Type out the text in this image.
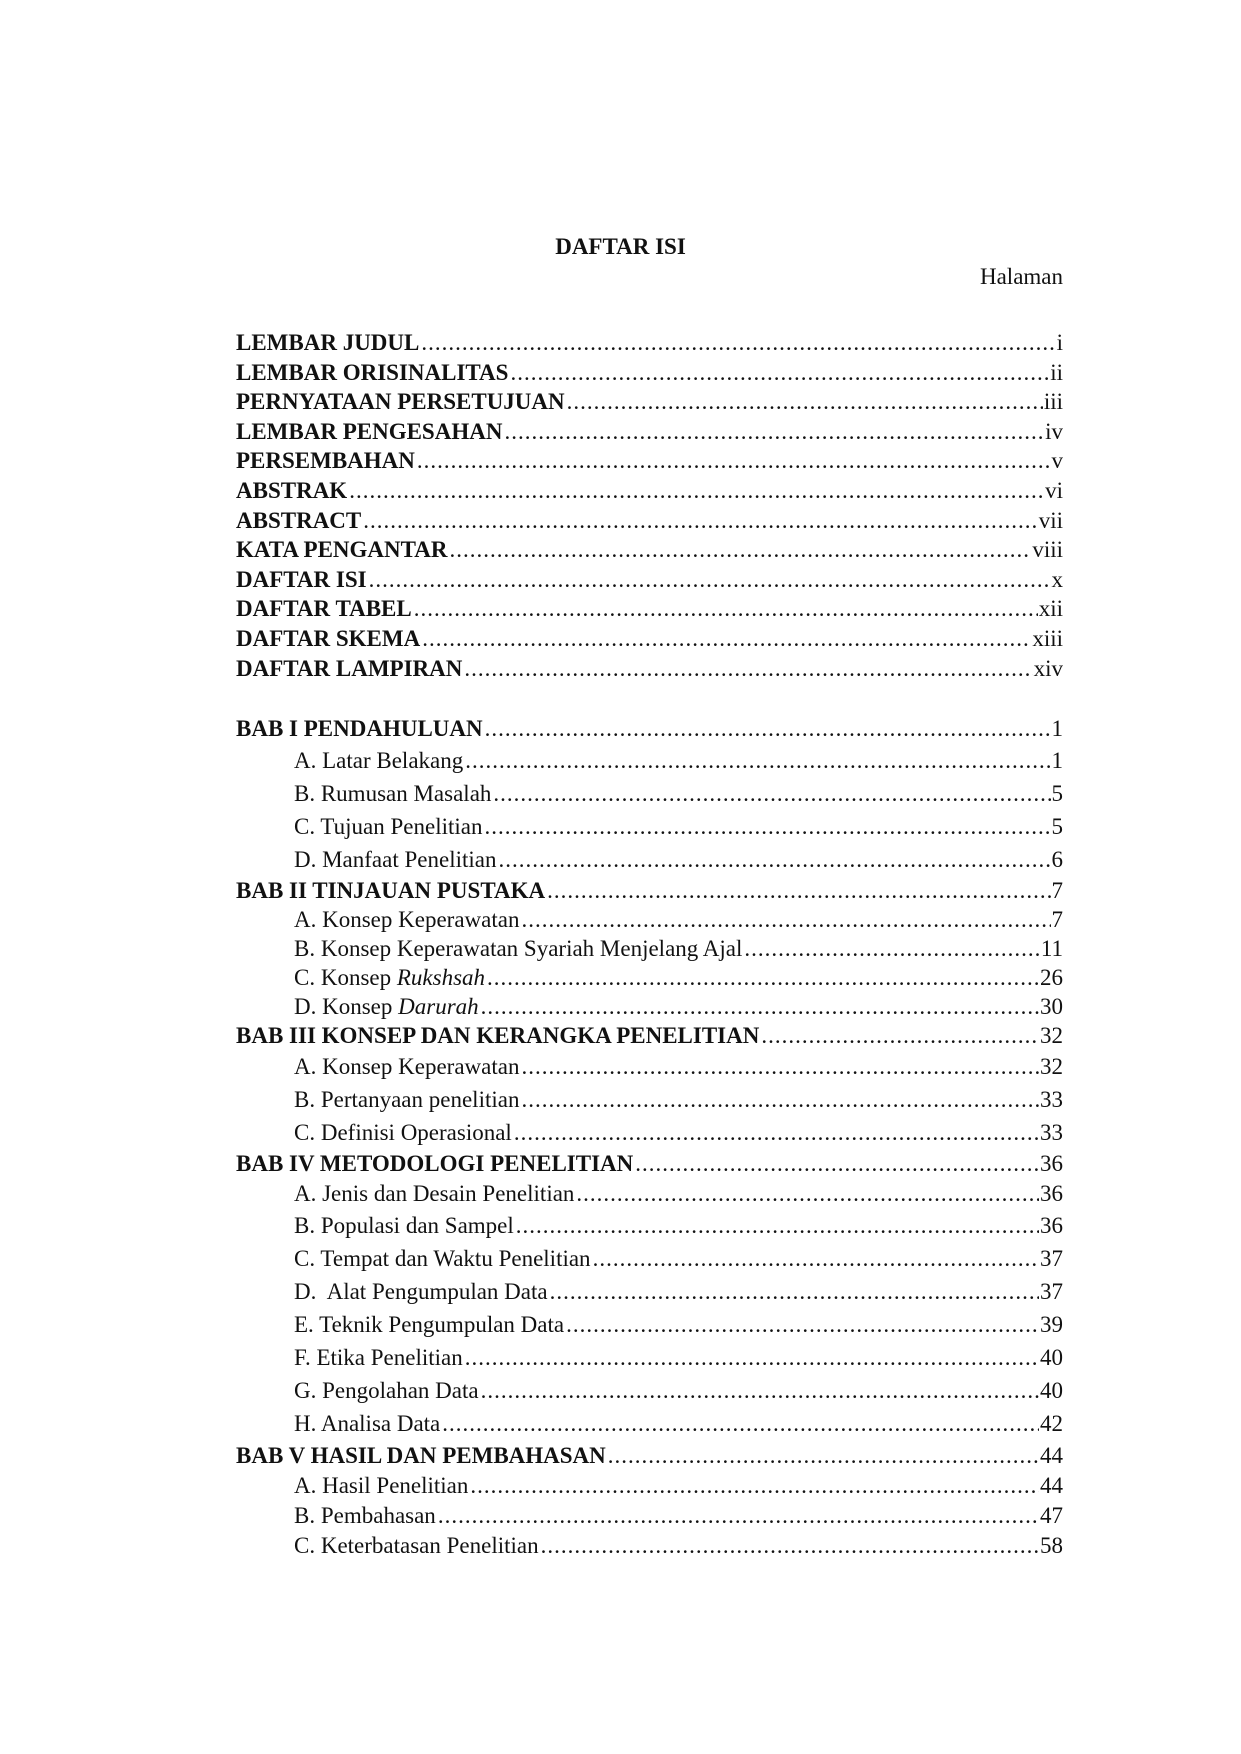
DAFTAR ISI
Halaman
LEMBAR JUDUL .....	i
LEMBAR ORISINALITAS .....	ii
PERNYATAAN PERSETUJUAN .....	iii
LEMBAR PENGESAHAN .....	iv
PERSEMBAHAN .....	v
ABSTRAK .....	vi
ABSTRACT .....	vii
KATA PENGANTAR .....	viii
DAFTAR ISI .....	x
DAFTAR TABEL .....	xii
DAFTAR SKEMA .....	xiii
DAFTAR LAMPIRAN .....	xiv
BAB I PENDAHULUAN .....	1
A. Latar Belakang .....	1
B. Rumusan Masalah .....	5
C. Tujuan Penelitian .....	5
D. Manfaat Penelitian .....	6
BAB II TINJAUAN PUSTAKA .....	7
A. Konsep Keperawatan .....	7
B. Konsep Keperawatan Syariah Menjelang Ajal .....	11
C. Konsep Rukshsah .....	26
D. Konsep Darurah .....	30
BAB III KONSEP DAN KERANGKA PENELITIAN .....	32
A. Konsep Keperawatan .....	32
B. Pertanyaan penelitian .....	33
C. Definisi Operasional .....	33
BAB IV METODOLOGI PENELITIAN .....	36
A. Jenis dan Desain Penelitian .....	36
B. Populasi dan Sampel .....	36
C. Tempat dan Waktu Penelitian .....	37
D.  Alat Pengumpulan Data .....	37
E. Teknik Pengumpulan Data .....	39
F. Etika Penelitian .....	40
G. Pengolahan Data .....	40
H. Analisa Data .....	42
BAB V HASIL DAN PEMBAHASAN .....	44
A. Hasil Penelitian .....	44
B. Pembahasan .....	47
C. Keterbatasan Penelitian .....	58
